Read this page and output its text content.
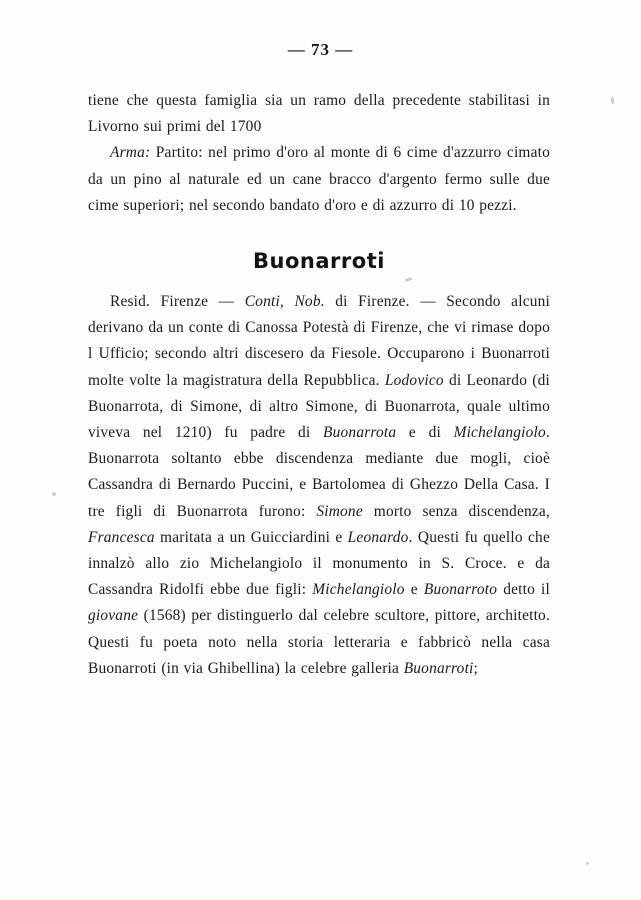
— 73 —

tiene che questa famiglia sia un ramo della precedente stabilitasi in Livorno sui primi del 1700

Arma: Partito: nel primo d'oro al monte di 6 cime d'azzurro cimato da un pino al naturale ed un cane bracco d'argento fermo sulle due cime superiori; nel secondo bandato d'oro e di azzurro di 10 pezzi.

Buonarroti

Resid. Firenze — Conti, Nob. di Firenze. — Secondo alcuni derivano da un conte di Canossa Potestà di Firenze, che vi rimase dopo l Ufficio; secondo altri discesero da Fiesole. Occuparono i Buonarroti molte volte la magistratura della Repubblica. Lodovico di Leonardo (di Buonarrota, di Simone, di altro Simone, di Buonarrota, quale ultimo viveva nel 1210) fu padre di Buonarrota e di Michelangiolo. Buonarrota soltanto ebbe discendenza mediante due mogli, cioè Cassandra di Bernardo Puccini, e Bartolomea di Ghezzo Della Casa. I tre figli di Buonarrota furono: Simone morto senza discendenza, Francesca maritata a un Guicciardini e Leonardo. Questi fu quello che innalzò allo zio Michelangiolo il monumento in S. Croce. e da Cassandra Ridolfi ebbe due figli: Michelangiolo e Buonarroto detto il giovane (1568) per distinguerlo dal celebre scultore, pittore, architetto. Questi fu poeta noto nella storia letteraria e fabbricò nella casa Buonarroti (in via Ghibellina) la celebre galleria Buonarroti;
